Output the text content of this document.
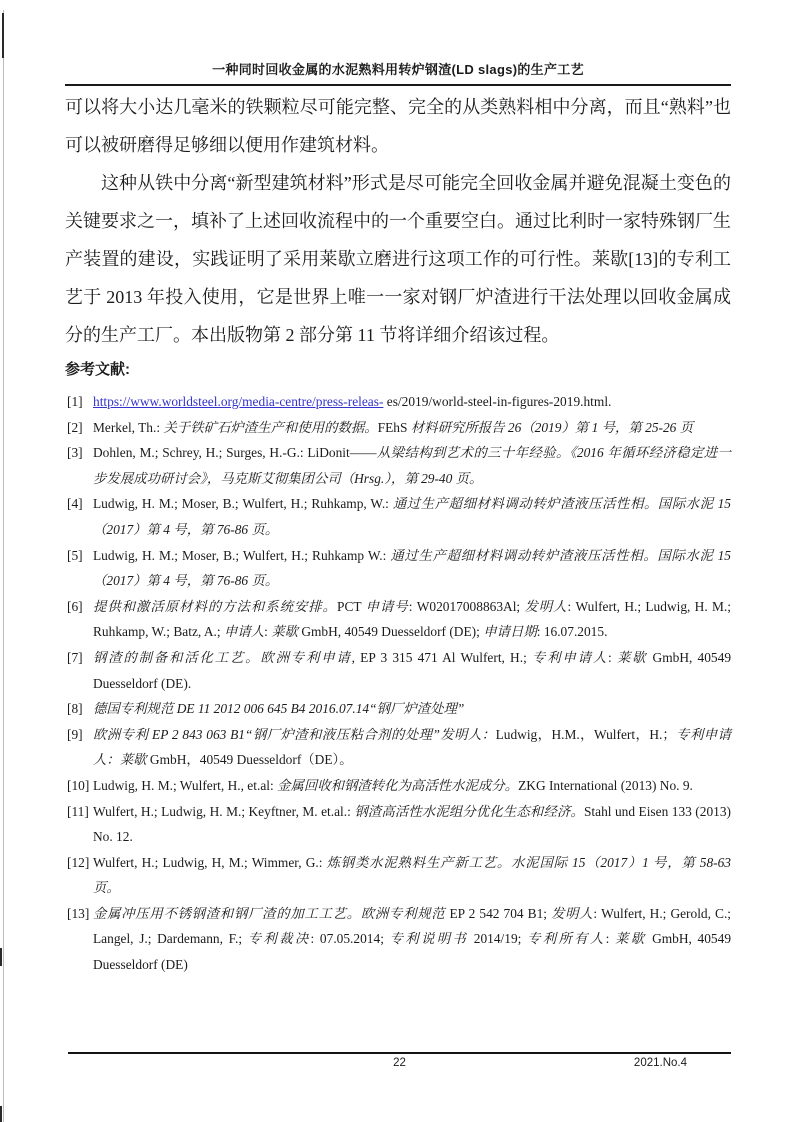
一种同时回收金属的水泥熟料用转炉钢渣(LD slags)的生产工艺

可以将大小达几毫米的铁颗粒尽可能完整、完全的从类熟料相中分离，而且“熟料”也可以被研磨得足够细以便用作建筑材料。

这种从铁中分离“新型建筑材料”形式是尽可能完全回收金属并避免混凝土变色的关键要求之一，填补了上述回收流程中的一个重要空白。通过比利时一家特殊钢厂生产装置的建设，实践证明了采用莱歇立磨进行这项工作的可行性。莱歇[13]的专利工艺于 2013 年投入使用，它是世界上唯一一家对钢厂炉渣进行干法处理以回收金属成分的生产工厂。本出版物第 2 部分第 11 节将详细介绍该过程。

参考文献:

[1] https://www.worldsteel.org/media-centre/press-releas- es/2019/world-steel-in-figures-2019.html.
[2] Merkel, Th.: 关于铁矿石炉渣生产和使用的数据。FEhS 材料研究所报告 26（2019）第 1 号，第 25-26 页
[3] Dohlen, M.; Schrey, H.; Surges, H.-G.: LiDonit——从梁结构到艺术的三十年经验。《2016 年循环经济稳定进一步发展成功研讨会》，马克斯艾彻集团公司（Hrsg.），第 29-40 页。
[4] Ludwig, H. M.; Moser, B.; Wulfert, H.; Ruhkamp, W.: 通过生产超细材料调动转炉渣液压活性相。国际水泥 15（2017）第 4 号，第 76-86 页。
[5] Ludwig, H. M.; Moser, B.; Wulfert, H.; Ruhkamp W.: 通过生产超细材料调动转炉渣液压活性相。国际水泥 15（2017）第 4 号，第 76-86 页。
[6] 提供和激活原材料的方法和系统安排。PCT 申请号: W02017008863Al; 发明人: Wulfert, H.; Ludwig, H. M.; Ruhkamp, W.; Batz, A.; 申请人: 莱歇 GmbH, 40549 Duesseldorf (DE); 申请日期: 16.07.2015.
[7] 钢渣的制备和活化工艺。欧洲专利申请, EP 3 315 471 Al Wulfert, H.; 专利申请人: 莱歇 GmbH, 40549 Duesseldorf (DE).
[8] 德国专利规范 DE 11 2012 006 645 B4 2016.07.14“钢厂炉渣处理”
[9] 欧洲专利 EP 2 843 063 B1“钢厂炉渣和液压粘合剂的处理”发明人：Ludwig，H.M.，Wulfert，H.；专利申请人：莱歇 GmbH，40549 Duesseldorf（DE）。
[10] Ludwig, H. M.; Wulfert, H., et.al: 金属回收和钢渣转化为高活性水泥成分。ZKG International (2013) No. 9.
[11] Wulfert, H.; Ludwig, H. M.; Keyftner, M. et.al.: 钢渣高活性水泥组分优化生态和经济。Stahl und Eisen 133 (2013) No. 12.
[12] Wulfert, H.; Ludwig, H, M.; Wimmer, G.: 炼钢类水泥熟料生产新工艺。水泥国际 15（2017）1 号，第 58-63 页。
[13] 金属冲压用不锈钢渣和钢厂渣的加工工艺。欧洲专利规范 EP 2 542 704 B1; 发明人: Wulfert, H.; Gerold, C.; Langel, J.; Dardemann, F.; 专利裁决: 07.05.2014; 专利说明书 2014/19; 专利所有人: 莱歇 GmbH, 40549 Duesseldorf (DE)
22	2021.No.4
